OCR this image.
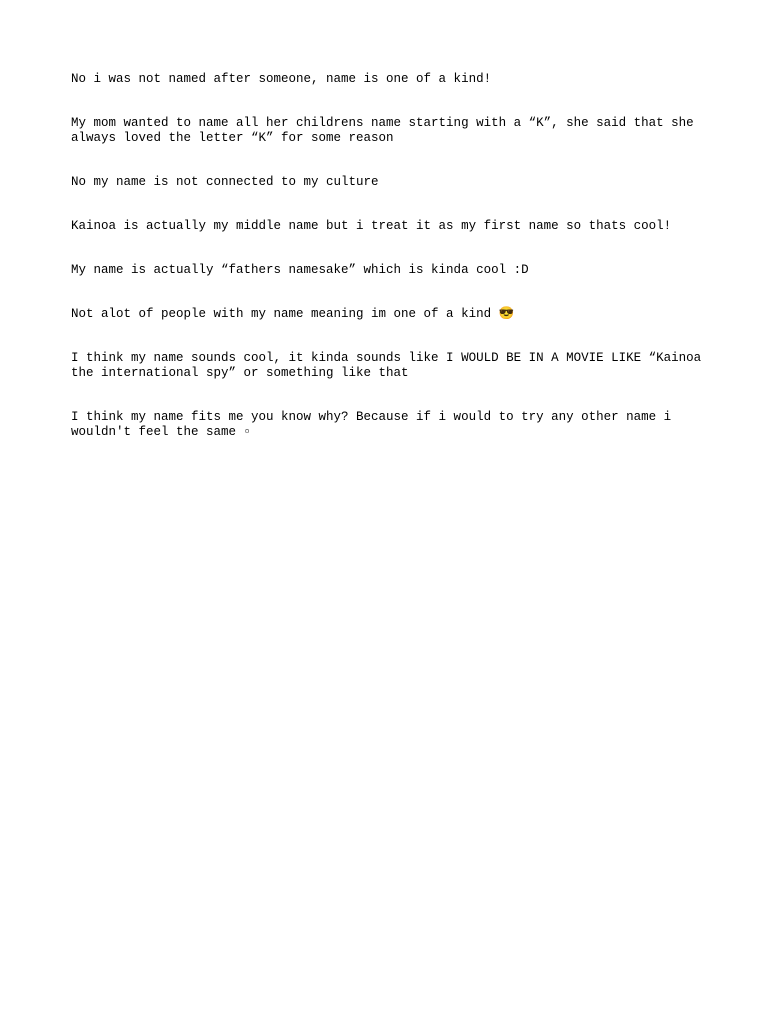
No i was not named after someone, name is one of a kind!

My mom wanted to name all her childrens name starting with a “K”, she said that she always loved the letter “K” for some reason

No my name is not connected to my culture

Kainoa is actually my middle name but i treat it as my first name so thats cool!

My name is actually “fathers namesake” which is kinda cool :D

Not alot of people with my name meaning im one of a kind 😎

I think my name sounds cool, it kinda sounds like I WOULD BE IN A MOVIE LIKE “Kainoa the international spy” or something like that

I think my name fits me you know why? Because if i would to try any other name i wouldn't feel the same ▫
